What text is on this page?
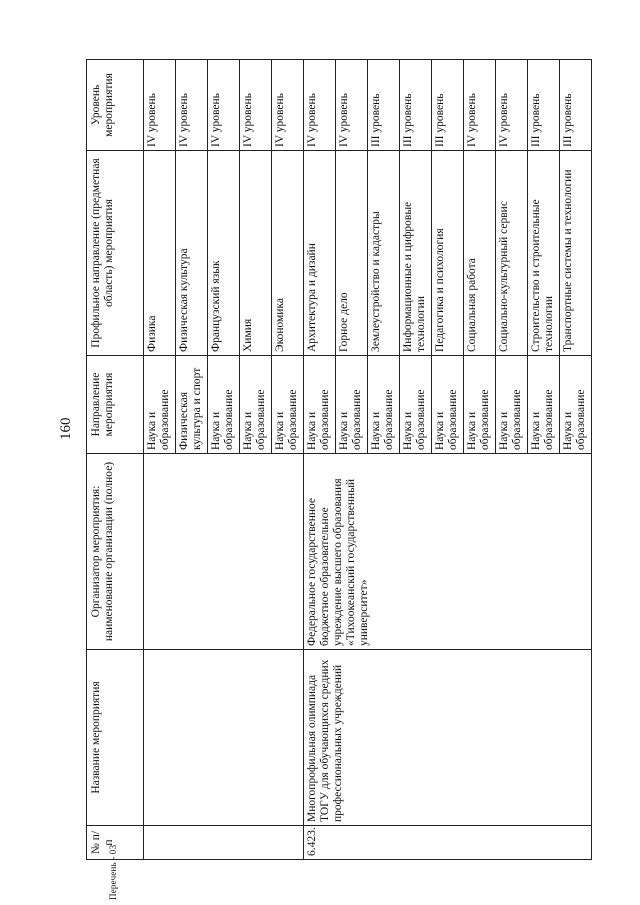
160
№ п/п	Название мероприятия	Организатор мероприятия: наименование организации (полное)	Направление мероприятия	Профильное направление (предметная область) мероприятия	Уровень мероприятия
			Наука и образование	Физика	IV уровень
			Физическая культура и спорт	Физическая культура	IV уровень
			Наука и образование	Французский язык	IV уровень
			Наука и образование	Химия	IV уровень
			Наука и образование	Экономика	IV уровень
6.423.	Многопрофильная олимпиада ТОГУ для обучающихся средних профессиональных учреждений	Федеральное государственное бюджетное образовательное учреждение высшего образования «Тихоокеанский государственный университет»	Наука и образование	Архитектура и дизайн	IV уровень
			Наука и образование	Горное дело	IV уровень
			Наука и образование	Землеустройство и кадастры	III уровень
			Наука и образование	Информационные и цифровые технологии	III уровень
			Наука и образование	Педагогика и психология	III уровень
			Наука и образование	Социальная работа	IV уровень
			Наука и образование	Социально-культурный сервис	IV уровень
			Наука и образование	Строительство и строительные технологии	III уровень
			Наука и образование	Транспортные системы и технологии	III уровень
Перечень - 03
